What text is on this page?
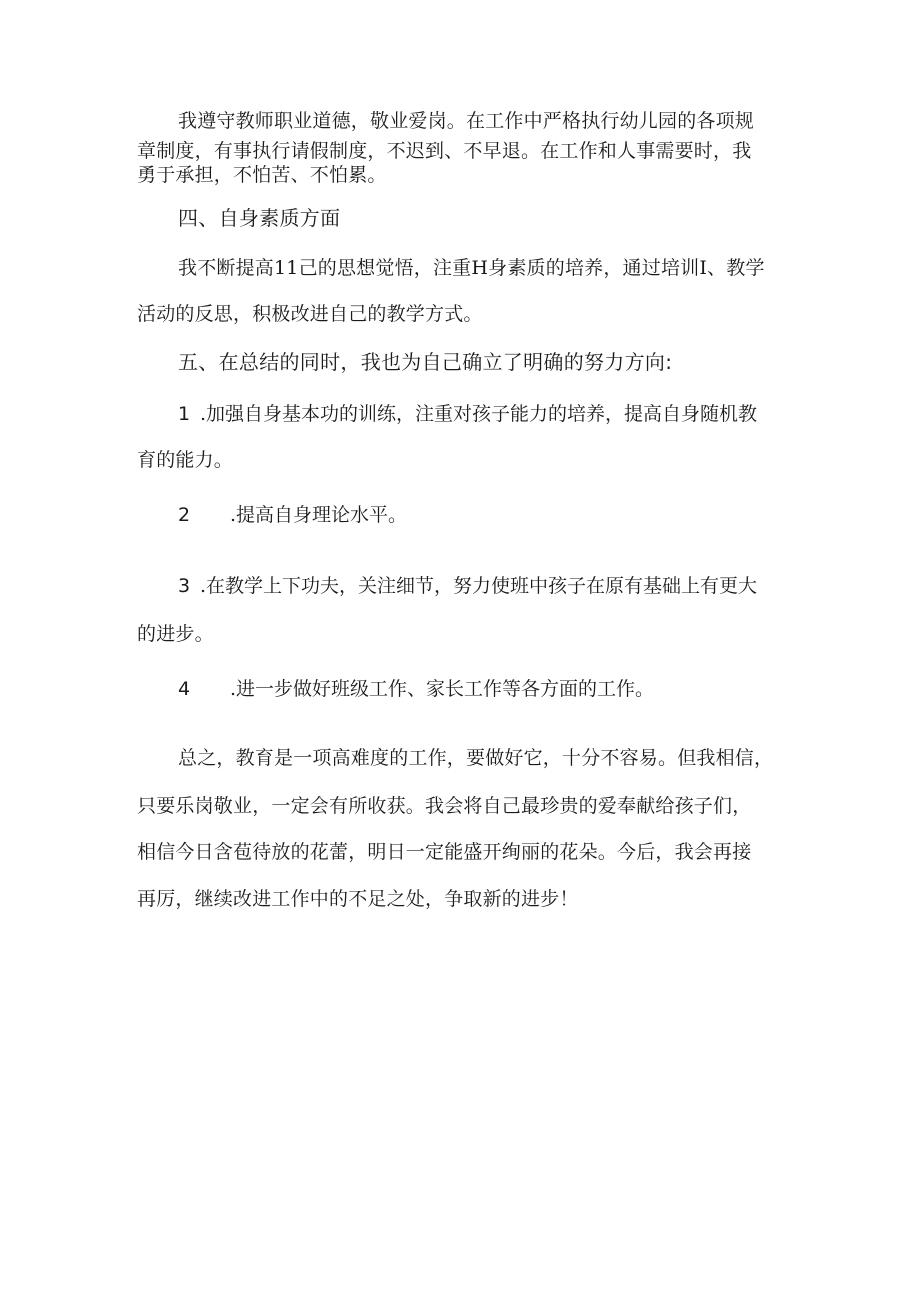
我遵守教师职业道德，敬业爱岗。在工作中严格执行幼儿园的各项规
章制度，有事执行请假制度，不迟到、不早退。在工作和人事需要时，我
勇于承担，不怕苦、不怕累。
四、自身素质方面
我不断提高11己的思想觉悟，注重H身素质的培养，通过培训I、教学
活动的反思，积极改进自己的教学方式。
五、在总结的同时，我也为自己确立了明确的努力方向:
1 .加强自身基本功的训练，注重对孩子能力的培养，提高自身随机教
育的能力。
2 .提高自身理论水平。
3 .在教学上下功夫，关注细节，努力使班中孩子在原有基础上有更大
的进步。
4 .进一步做好班级工作、家长工作等各方面的工作。
总之，教育是一项高难度的工作，要做好它，十分不容易。但我相信，
只要乐岗敬业，一定会有所收获。我会将自己最珍贵的爱奉献给孩子们，
相信今日含苞待放的花蕾，明日一定能盛开绚丽的花朵。今后，我会再接
再厉，继续改进工作中的不足之处，争取新的进步！
